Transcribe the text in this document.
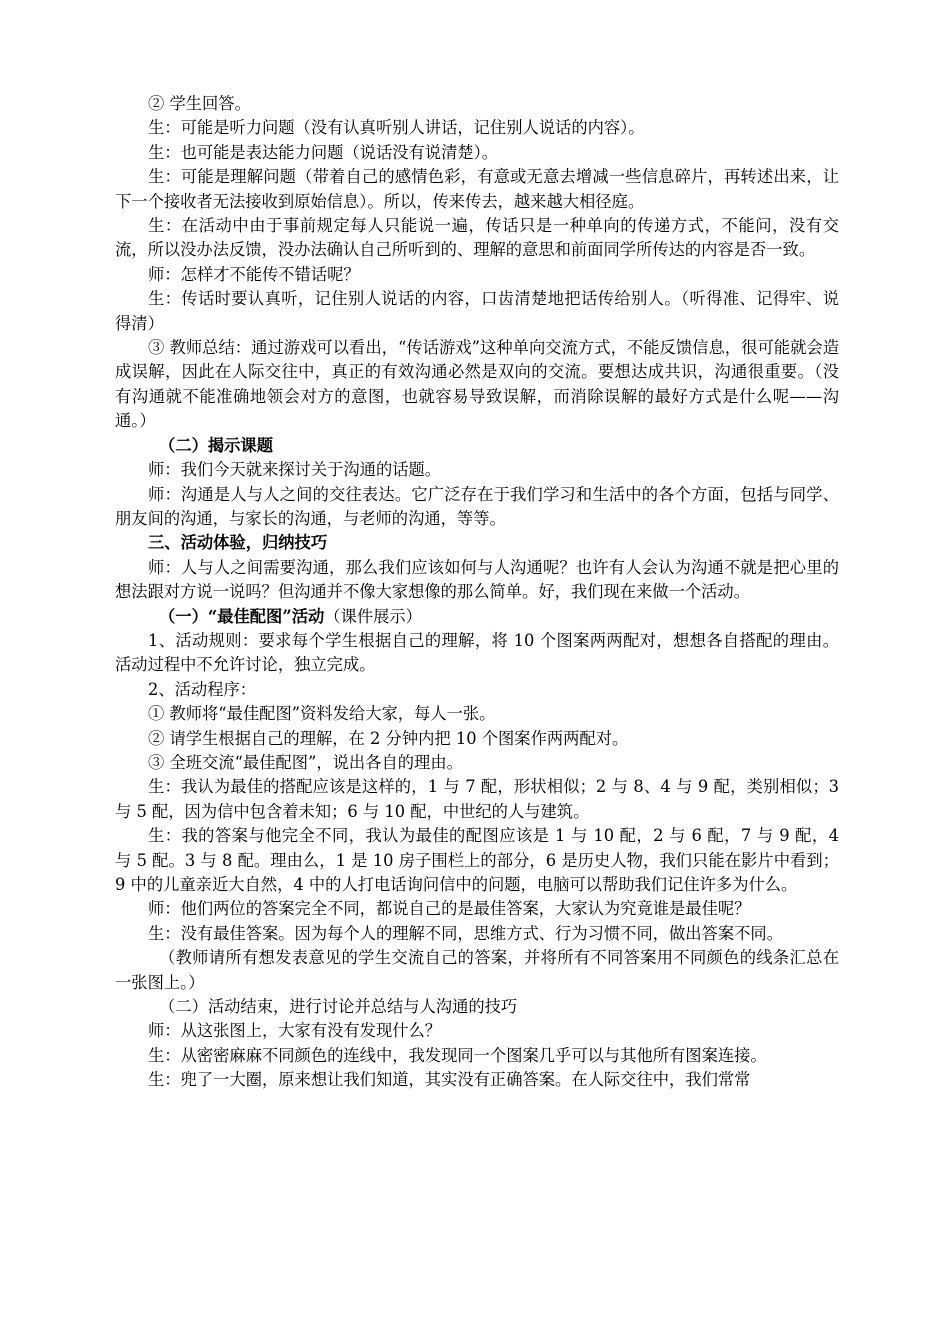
② 学生回答。

生：可能是听力问题（没有认真听别人讲话，记住别人说话的内容）。

生：也可能是表达能力问题（说话没有说清楚）。

生：可能是理解问题（带着自己的感情色彩，有意或无意去增减一些信息碎片，再转述出来，让下一个接收者无法接收到原始信息）。所以，传来传去，越来越大相径庭。

生：在活动中由于事前规定每人只能说一遍，传话只是一种单向的传递方式，不能问，没有交流，所以没办法反馈，没办法确认自己所听到的、理解的意思和前面同学所传达的内容是否一致。

师：怎样才不能传不错话呢？

生：传话时要认真听，记住别人说话的内容，口齿清楚地把话传给别人。（听得准、记得牢、说得清）

③ 教师总结：通过游戏可以看出，“传话游戏”这种单向交流方式，不能反馈信息，很可能就会造成误解，因此在人际交往中，真正的有效沟通必然是双向的交流。要想达成共识，沟通很重要。（没有沟通就不能准确地领会对方的意图，也就容易导致误解，而消除误解的最好方式是什么呢——沟通。）

（二）揭示课题

师：我们今天就来探讨关于沟通的话题。

师：沟通是人与人之间的交往表达。它广泛存在于我们学习和生活中的各个方面，包括与同学、朋友间的沟通，与家长的沟通，与老师的沟通，等等。

三、活动体验，归纳技巧

师：人与人之间需要沟通，那么我们应该如何与人沟通呢？也许有人会认为沟通不就是把心里的想法跟对方说一说吗？但沟通并不像大家想像的那么简单。好，我们现在来做一个活动。

（一）“最佳配图”活动（课件展示）

1、活动规则：要求每个学生根据自己的理解，将 10 个图案两两配对，想想各自搭配的理由。活动过程中不允许讨论，独立完成。

2、活动程序：

① 教师将“最佳配图”资料发给大家，每人一张。

② 请学生根据自己的理解，在 2 分钟内把 10 个图案作两两配对。

③ 全班交流“最佳配图”，说出各自的理由。

生：我认为最佳的搭配应该是这样的，1 与 7 配，形状相似；2 与 8、4 与 9 配，类别相似；3 与 5 配，因为信中包含着未知；6 与 10 配，中世纪的人与建筑。

生：我的答案与他完全不同，我认为最佳的配图应该是 1 与 10 配，2 与 6 配，7 与 9 配，4 与 5 配。3 与 8 配。理由么，1 是 10 房子围栏上的部分，6 是历史人物，我们只能在影片中看到；9 中的儿童亲近大自然，4 中的人打电话询问信中的问题，电脑可以帮助我们记住许多为什么。

师：他们两位的答案完全不同，都说自己的是最佳答案，大家认为究竟谁是最佳呢？

生：没有最佳答案。因为每个人的理解不同，思维方式、行为习惯不同，做出答案不同。

（教师请所有想发表意见的学生交流自己的答案，并将所有不同答案用不同颜色的线条汇总在一张图上。）

（二）活动结束，进行讨论并总结与人沟通的技巧

师：从这张图上，大家有没有发现什么？

生：从密密麻麻不同颜色的连线中，我发现同一个图案几乎可以与其他所有图案连接。

生：兜了一大圈，原来想让我们知道，其实没有正确答案。在人际交往中，我们常常
